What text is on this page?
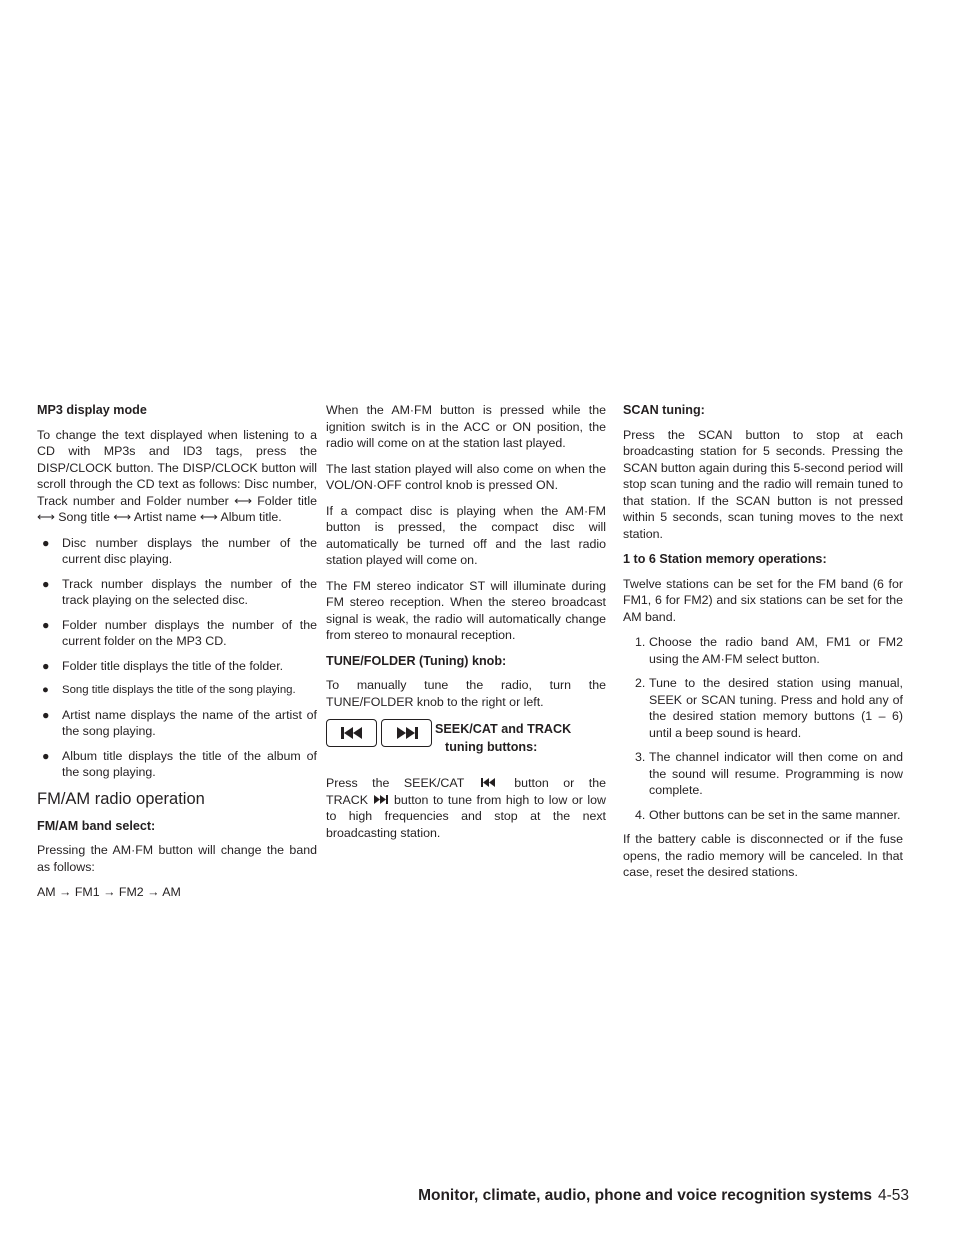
MP3 display mode

To change the text displayed when listening to a CD with MP3s and ID3 tags, press the DISP/CLOCK button. The DISP/CLOCK button will scroll through the CD text as follows: Disc number, Track number and Folder number ⟷ Folder title ⟷ Song title ⟷ Artist name ⟷ Album title.

● Disc number displays the number of the current disc playing.
● Track number displays the number of the track playing on the selected disc.
● Folder number displays the number of the current folder on the MP3 CD.
● Folder title displays the title of the folder.
● Song title displays the title of the song playing.
● Artist name displays the name of the artist of the song playing.
● Album title displays the title of the album of the song playing.
FM/AM radio operation
FM/AM band select:

Pressing the AM·FM button will change the band as follows:

AM → FM1 → FM2 → AM

When the AM·FM button is pressed while the ignition switch is in the ACC or ON position, the radio will come on at the station last played.

The last station played will also come on when the VOL/ON·OFF control knob is pressed ON.

If a compact disc is playing when the AM·FM button is pressed, the compact disc will automatically be turned off and the last radio station played will come on.

The FM stereo indicator ST will illuminate during FM stereo reception. When the stereo broadcast signal is weak, the radio will automatically change from stereo to monaural reception.

TUNE/FOLDER (Tuning) knob:

To manually tune the radio, turn the TUNE/FOLDER knob to the right or left.

SEEK/CAT and TRACK
tuning buttons:

Press the SEEK/CAT	button or the TRACK button to tune from high to low or low to high frequencies and stop at the next broadcasting station.

SCAN tuning:

Press the SCAN button to stop at each broadcasting station for 5 seconds. Pressing the SCAN button again during this 5-second period will stop scan tuning and the radio will remain tuned to that station. If the SCAN button is not pressed within 5 seconds, scan tuning moves to the next station.

1 to 6 Station memory operations:

Twelve stations can be set for the FM band (6 for FM1, 6 for FM2) and six stations can be set for the AM band.

1. Choose the radio band AM, FM1 or FM2 using the AM·FM select button.
2. Tune to the desired station using manual, SEEK or SCAN tuning. Press and hold any of the desired station memory buttons (1 – 6) until a beep sound is heard.
3. The channel indicator will then come on and the sound will resume. Programming is now complete.
4. Other buttons can be set in the same manner.

If the battery cable is disconnected or if the fuse opens, the radio memory will be canceled. In that case, reset the desired stations.

Monitor, climate, audio, phone and voice recognition systems 4-53
